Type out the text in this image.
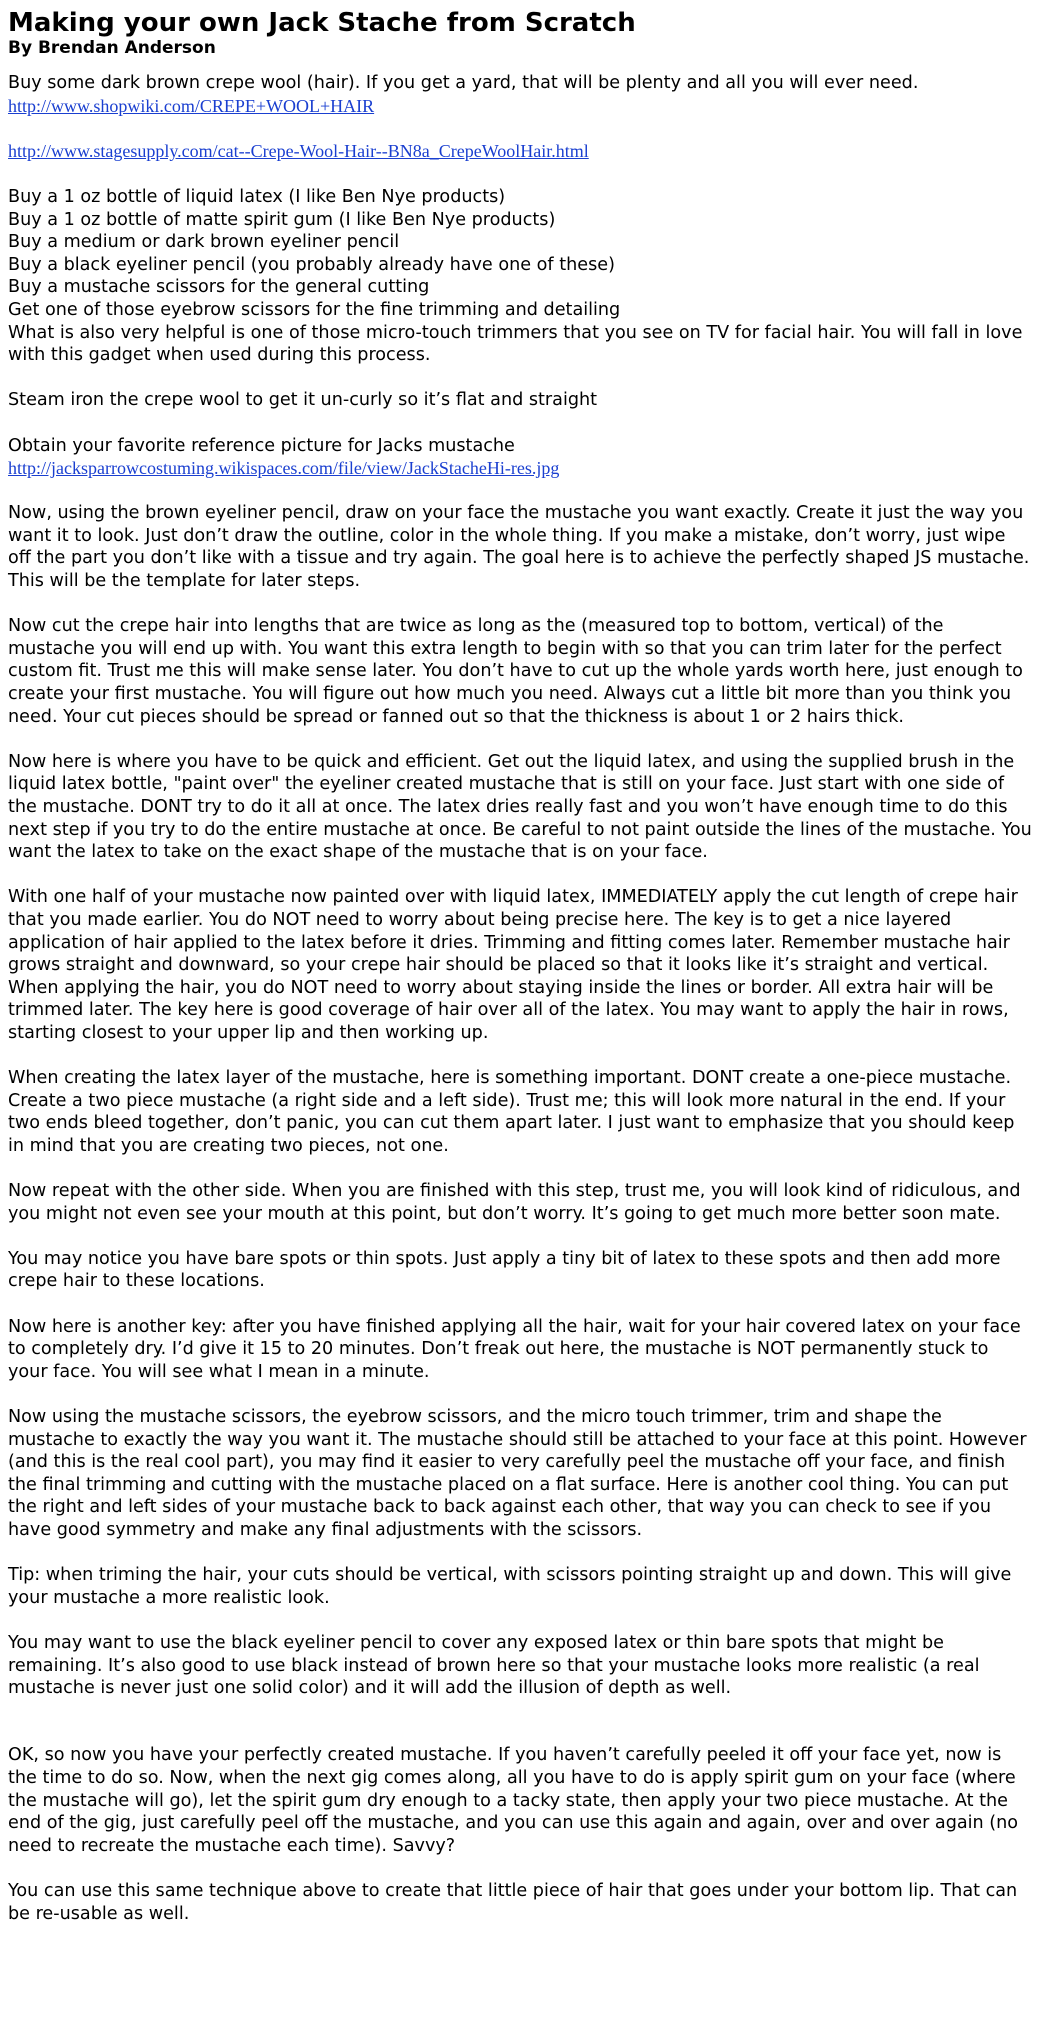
Making your own Jack Stache from Scratch
By Brendan Anderson

Buy some dark brown crepe wool (hair). If you get a yard, that will be plenty and all you will ever need.
http://www.shopwiki.com/CREPE+WOOL+HAIR

http://www.stagesupply.com/cat--Crepe-Wool-Hair--BN8a_CrepeWoolHair.html

Buy a 1 oz bottle of liquid latex (I like Ben Nye products)
Buy a 1 oz bottle of matte spirit gum (I like Ben Nye products)
Buy a medium or dark brown eyeliner pencil
Buy a black eyeliner pencil (you probably already have one of these)
Buy a mustache scissors for the general cutting
Get one of those eyebrow scissors for the fine trimming and detailing
What is also very helpful is one of those micro-touch trimmers that you see on TV for facial hair. You will fall in love with this gadget when used during this process.

Steam iron the crepe wool to get it un-curly so it’s flat and straight

Obtain your favorite reference picture for Jacks mustache
http://jacksparrowcostuming.wikispaces.com/file/view/JackStacheHi-res.jpg

Now, using the brown eyeliner pencil, draw on your face the mustache you want exactly. Create it just the way you want it to look. Just don’t draw the outline, color in the whole thing. If you make a mistake, don’t worry, just wipe off the part you don’t like with a tissue and try again. The goal here is to achieve the perfectly shaped JS mustache. This will be the template for later steps.

Now cut the crepe hair into lengths that are twice as long as the (measured top to bottom, vertical) of the mustache you will end up with. You want this extra length to begin with so that you can trim later for the perfect custom fit. Trust me this will make sense later. You don’t have to cut up the whole yards worth here, just enough to create your first mustache. You will figure out how much you need. Always cut a little bit more than you think you need. Your cut pieces should be spread or fanned out so that the thickness is about 1 or 2 hairs thick.

Now here is where you have to be quick and efficient. Get out the liquid latex, and using the supplied brush in the liquid latex bottle, "paint over" the eyeliner created mustache that is still on your face. Just start with one side of the mustache. DONT try to do it all at once. The latex dries really fast and you won’t have enough time to do this next step if you try to do the entire mustache at once. Be careful to not paint outside the lines of the mustache. You want the latex to take on the exact shape of the mustache that is on your face.

With one half of your mustache now painted over with liquid latex, IMMEDIATELY apply the cut length of crepe hair that you made earlier. You do NOT need to worry about being precise here. The key is to get a nice layered application of hair applied to the latex before it dries. Trimming and fitting comes later. Remember mustache hair grows straight and downward, so your crepe hair should be placed so that it looks like it’s straight and vertical. When applying the hair, you do NOT need to worry about staying inside the lines or border. All extra hair will be trimmed later. The key here is good coverage of hair over all of the latex. You may want to apply the hair in rows, starting closest to your upper lip and then working up.

When creating the latex layer of the mustache, here is something important. DONT create a one-piece mustache. Create a two piece mustache (a right side and a left side). Trust me; this will look more natural in the end. If your two ends bleed together, don’t panic, you can cut them apart later. I just want to emphasize that you should keep in mind that you are creating two pieces, not one.

Now repeat with the other side. When you are finished with this step, trust me, you will look kind of ridiculous, and you might not even see your mouth at this point, but don’t worry. It’s going to get much more better soon mate.

You may notice you have bare spots or thin spots. Just apply a tiny bit of latex to these spots and then add more crepe hair to these locations.

Now here is another key: after you have finished applying all the hair, wait for your hair covered latex on your face to completely dry. I’d give it 15 to 20 minutes. Don’t freak out here, the mustache is NOT permanently stuck to your face. You will see what I mean in a minute.

Now using the mustache scissors, the eyebrow scissors, and the micro touch trimmer, trim and shape the mustache to exactly the way you want it. The mustache should still be attached to your face at this point. However (and this is the real cool part), you may find it easier to very carefully peel the mustache off your face, and finish the final trimming and cutting with the mustache placed on a flat surface. Here is another cool thing. You can put the right and left sides of your mustache back to back against each other, that way you can check to see if you have good symmetry and make any final adjustments with the scissors.

Tip: when triming the hair, your cuts should be vertical, with scissors pointing straight up and down. This will give your mustache a more realistic look.

You may want to use the black eyeliner pencil to cover any exposed latex or thin bare spots that might be remaining. It’s also good to use black instead of brown here so that your mustache looks more realistic (a real mustache is never just one solid color) and it will add the illusion of depth as well.

OK, so now you have your perfectly created mustache. If you haven’t carefully peeled it off your face yet, now is the time to do so. Now, when the next gig comes along, all you have to do is apply spirit gum on your face (where the mustache will go), let the spirit gum dry enough to a tacky state, then apply your two piece mustache. At the end of the gig, just carefully peel off the mustache, and you can use this again and again, over and over again (no need to recreate the mustache each time). Savvy?

You can use this same technique above to create that little piece of hair that goes under your bottom lip. That can be re-usable as well.
